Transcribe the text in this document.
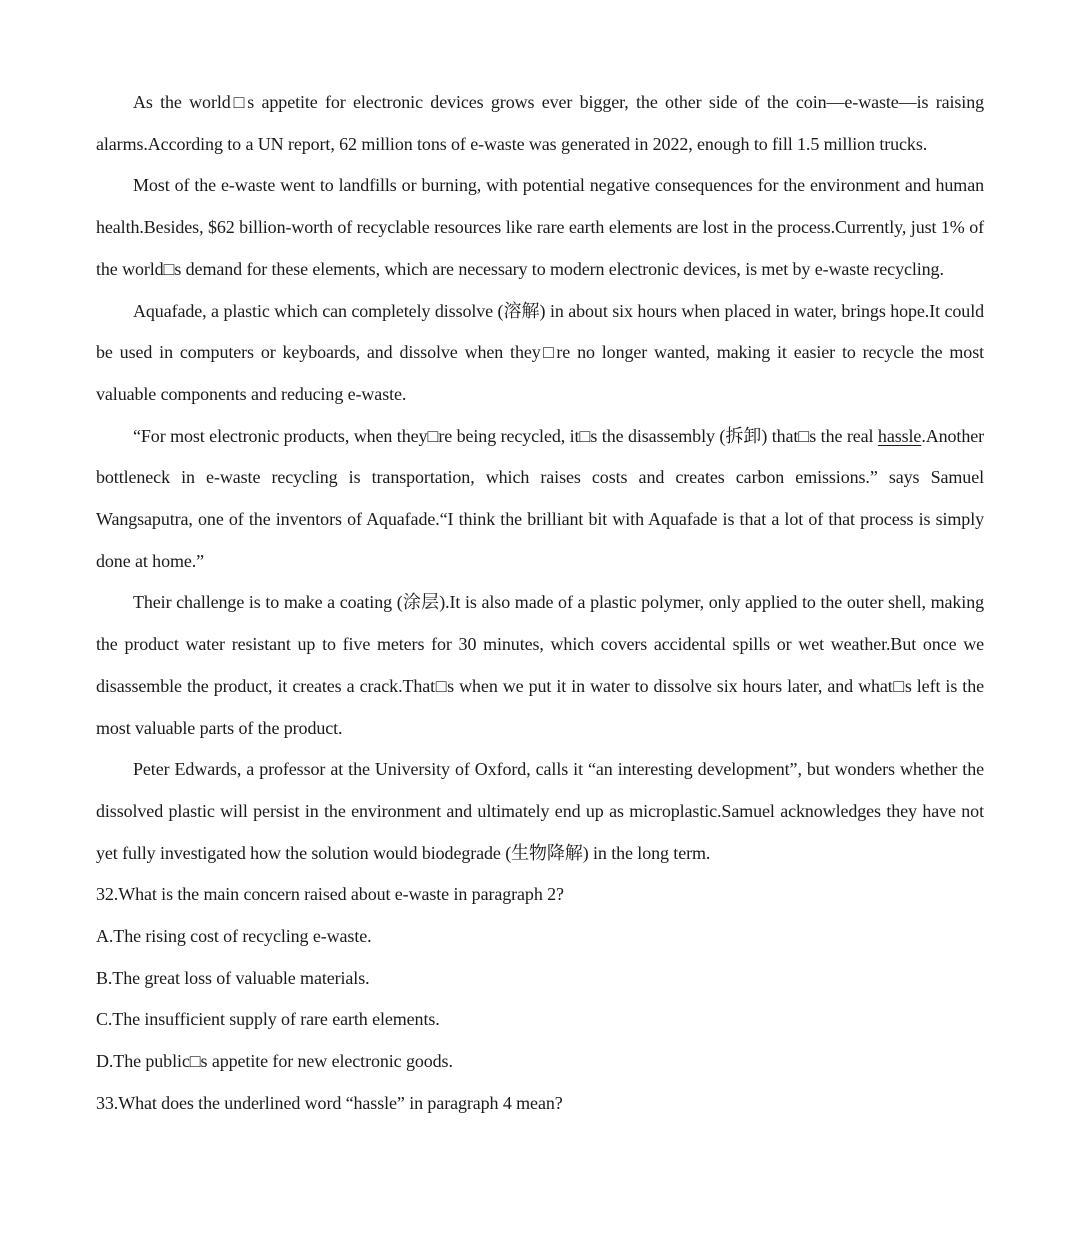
As the world□s appetite for electronic devices grows ever bigger, the other side of the coin—e-waste—is raising alarms.According to a UN report, 62 million tons of e-waste was generated in 2022, enough to fill 1.5 million trucks.

Most of the e-waste went to landfills or burning, with potential negative consequences for the environment and human health.Besides, $62 billion-worth of recyclable resources like rare earth elements are lost in the process.Currently, just 1% of the world□s demand for these elements, which are necessary to modern electronic devices, is met by e-waste recycling.

Aquafade, a plastic which can completely dissolve (溶解) in about six hours when placed in water, brings hope.It could be used in computers or keyboards, and dissolve when they□re no longer wanted, making it easier to recycle the most valuable components and reducing e-waste.

“For most electronic products, when they□re being recycled, it□s the disassembly (拆卸) that□s the real hassle.Another bottleneck in e-waste recycling is transportation, which raises costs and creates carbon emissions.” says Samuel Wangsaputra, one of the inventors of Aquafade.“I think the brilliant bit with Aquafade is that a lot of that process is simply done at home.”

Their challenge is to make a coating (涂层).It is also made of a plastic polymer, only applied to the outer shell, making the product water resistant up to five meters for 30 minutes, which covers accidental spills or wet weather.But once we disassemble the product, it creates a crack.That□s when we put it in water to dissolve six hours later, and what□s left is the most valuable parts of the product.

Peter Edwards, a professor at the University of Oxford, calls it “an interesting development”, but wonders whether the dissolved plastic will persist in the environment and ultimately end up as microplastic.Samuel acknowledges they have not yet fully investigated how the solution would biodegrade (生物降解) in the long term.

32.What is the main concern raised about e-waste in paragraph 2?

A.The rising cost of recycling e-waste.

B.The great loss of valuable materials.

C.The insufficient supply of rare earth elements.

D.The public□s appetite for new electronic goods.

33.What does the underlined word “hassle” in paragraph 4 mean?
